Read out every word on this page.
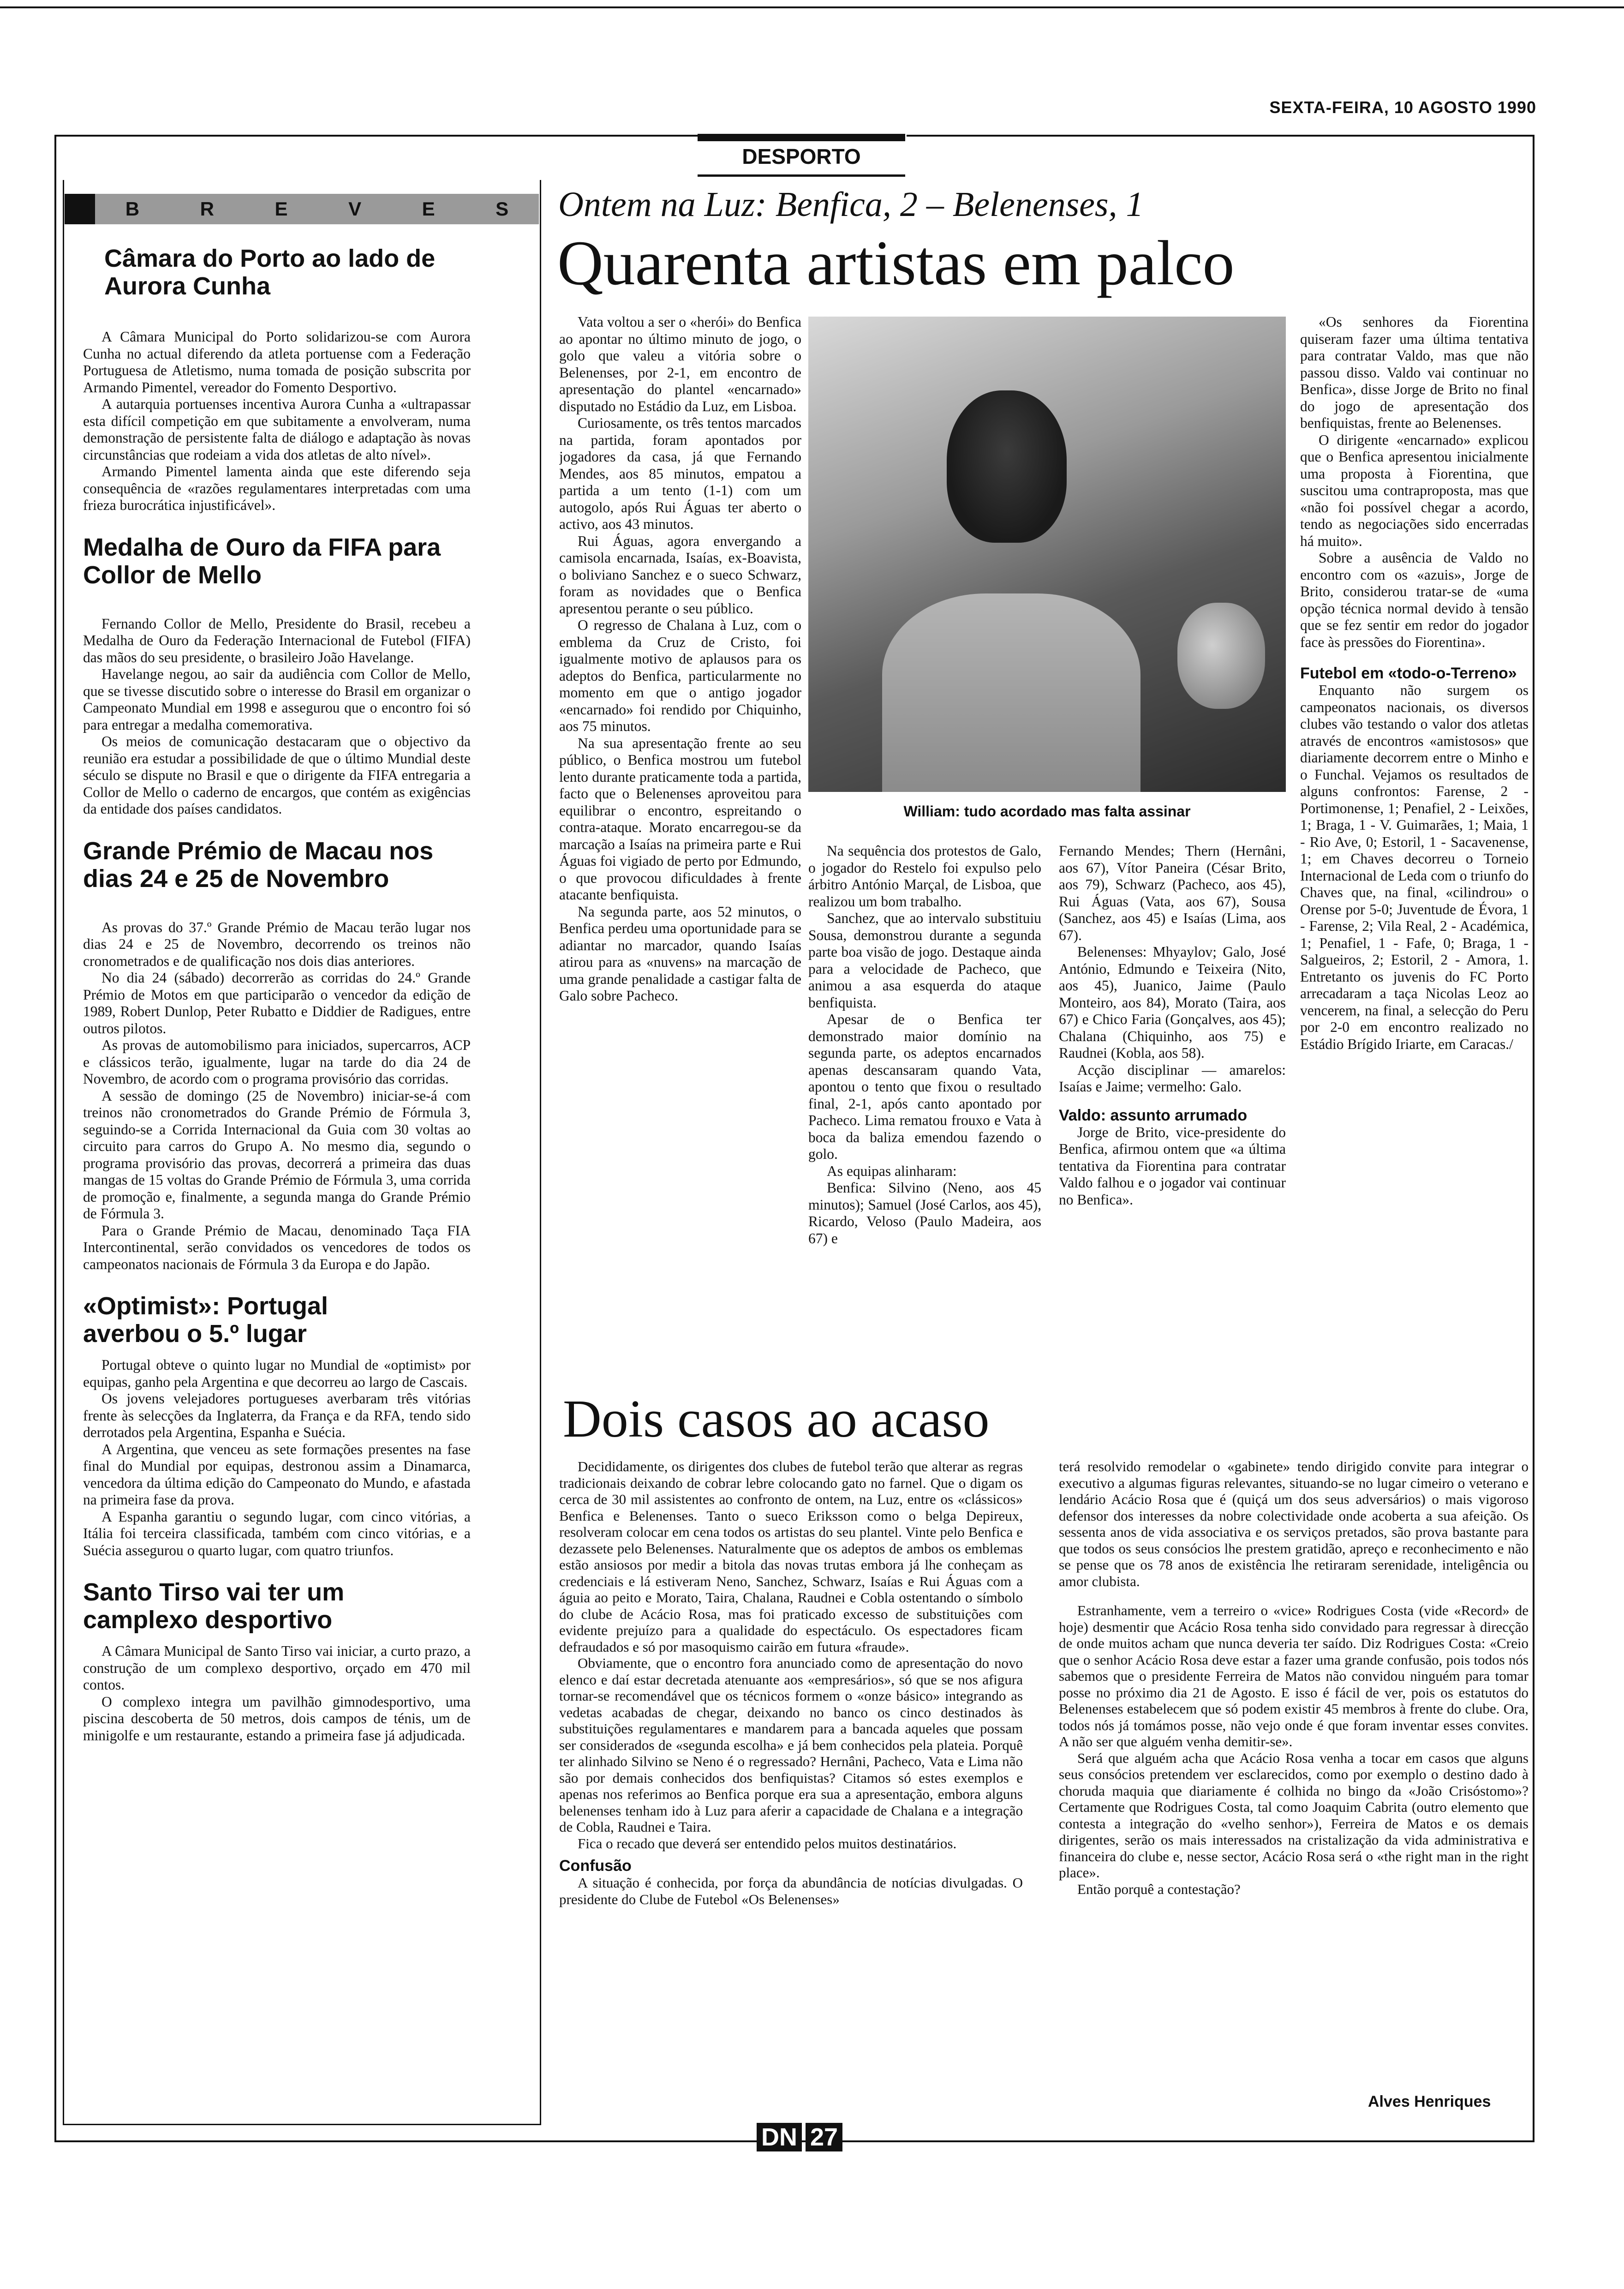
SEXTA-FEIRA, 10 AGOSTO 1990
DESPORTO
B	R	E	V	E	S
Câmara do Porto ao lado de Aurora Cunha

A Câmara Municipal do Porto solidarizou-se com Aurora Cunha no actual diferendo da atleta portuense com a Federação Portuguesa de Atletismo, numa tomada de posição subscrita por Armando Pimentel, vereador do Fomento Desportivo.

A autarquia portuenses incentiva Aurora Cunha a «ultrapassar esta difícil competição em que subitamente a envolveram, numa demonstração de persistente falta de diálogo e adaptação às novas circunstâncias que rodeiam a vida dos atletas de alto nível».

Armando Pimentel lamenta ainda que este diferendo seja consequência de «razões regulamentares interpretadas com uma frieza burocrática injustificável».

Medalha de Ouro da FIFA para Collor de Mello

Fernando Collor de Mello, Presidente do Brasil, recebeu a Medalha de Ouro da Federação Internacional de Futebol (FIFA) das mãos do seu presidente, o brasileiro João Havelange.

Havelange negou, ao sair da audiência com Collor de Mello, que se tivesse discutido sobre o interesse do Brasil em organizar o Campeonato Mundial em 1998 e assegurou que o encontro foi só para entregar a medalha comemorativa.

Os meios de comunicação destacaram que o objectivo da reunião era estudar a possibilidade de que o último Mundial deste século se dispute no Brasil e que o dirigente da FIFA entregaria a Collor de Mello o caderno de encargos, que contém as exigências da entidade dos países candidatos.

Grande Prémio de Macau nos dias 24 e 25 de Novembro

As provas do 37.º Grande Prémio de Macau terão lugar nos dias 24 e 25 de Novembro, decorrendo os treinos não cronometrados e de qualificação nos dois dias anteriores.

No dia 24 (sábado) decorrerão as corridas do 24.º Grande Prémio de Motos em que participarão o vencedor da edição de 1989, Robert Dunlop, Peter Rubatto e Diddier de Radigues, entre outros pilotos.

As provas de automobilismo para iniciados, supercarros, ACP e clássicos terão, igualmente, lugar na tarde do dia 24 de Novembro, de acordo com o programa provisório das corridas.

A sessão de domingo (25 de Novembro) iniciar-se-á com treinos não cronometrados do Grande Prémio de Fórmula 3, seguindo-se a Corrida Internacional da Guia com 30 voltas ao circuito para carros do Grupo A. No mesmo dia, segundo o programa provisório das provas, decorrerá a primeira das duas mangas de 15 voltas do Grande Prémio de Fórmula 3, uma corrida de promoção e, finalmente, a segunda manga do Grande Prémio de Fórmula 3.

Para o Grande Prémio de Macau, denominado Taça FIA Intercontinental, serão convidados os vencedores de todos os campeonatos nacionais de Fórmula 3 da Europa e do Japão.

«Optimist»: Portugal averbou o 5.º lugar

Portugal obteve o quinto lugar no Mundial de «optimist» por equipas, ganho pela Argentina e que decorreu ao largo de Cascais.

Os jovens velejadores portugueses averbaram três vitórias frente às selecções da Inglaterra, da França e da RFA, tendo sido derrotados pela Argentina, Espanha e Suécia.

A Argentina, que venceu as sete formações presentes na fase final do Mundial por equipas, destronou assim a Dinamarca, vencedora da última edição do Campeonato do Mundo, e afastada na primeira fase da prova.

A Espanha garantiu o segundo lugar, com cinco vitórias, a Itália foi terceira classificada, também com cinco vitórias, e a Suécia assegurou o quarto lugar, com quatro triunfos.

Santo Tirso vai ter um camplexo desportivo

A Câmara Municipal de Santo Tirso vai iniciar, a curto prazo, a construção de um complexo desportivo, orçado em 470 mil contos.

O complexo integra um pavilhão gimnodesportivo, uma piscina descoberta de 50 metros, dois campos de ténis, um de minigolfe e um restaurante, estando a primeira fase já adjudicada.

Ontem na Luz: Benfica, 2 – Belenenses, 1
Quarenta artistas em palco

Vata voltou a ser o «herói» do Benfica ao apontar no último minuto de jogo, o golo que valeu a vitória sobre o Belenenses, por 2-1, em encontro de apresentação do plantel «encarnado» disputado no Estádio da Luz, em Lisboa.

Curiosamente, os três tentos marcados na partida, foram apontados por jogadores da casa, já que Fernando Mendes, aos 85 minutos, empatou a partida a um tento (1-1) com um autogolo, após Rui Águas ter aberto o activo, aos 43 minutos.

Rui Águas, agora envergando a camisola encarnada, Isaías, ex-Boavista, o boliviano Sanchez e o sueco Schwarz, foram as novidades que o Benfica apresentou perante o seu público.

O regresso de Chalana à Luz, com o emblema da Cruz de Cristo, foi igualmente motivo de aplausos para os adeptos do Benfica, particularmente no momento em que o antigo jogador «encarnado» foi rendido por Chiquinho, aos 75 minutos.

Na sua apresentação frente ao seu público, o Benfica mostrou um futebol lento durante praticamente toda a partida, facto que o Belenenses aproveitou para equilibrar o encontro, espreitando o contra-ataque. Morato encarregou-se da marcação a Isaías na primeira parte e Rui Águas foi vigiado de perto por Edmundo, o que provocou dificuldades à frente atacante benfiquista.

Na segunda parte, aos 52 minutos, o Benfica perdeu uma oportunidade para se adiantar no marcador, quando Isaías atirou para as «nuvens» na marcação de uma grande penalidade a castigar falta de Galo sobre Pacheco.

William: tudo acordado mas falta assinar

Na sequência dos protestos de Galo, o jogador do Restelo foi expulso pelo árbitro António Marçal, de Lisboa, que realizou um bom trabalho.

Sanchez, que ao intervalo substituiu Sousa, demonstrou durante a segunda parte boa visão de jogo. Destaque ainda para a velocidade de Pacheco, que animou a asa esquerda do ataque benfiquista.

Apesar de o Benfica ter demonstrado maior domínio na segunda parte, os adeptos encarnados apenas descansaram quando Vata, apontou o tento que fixou o resultado final, 2-1, após canto apontado por Pacheco. Lima rematou frouxo e Vata à boca da baliza emendou fazendo o golo.

As equipas alinharam:

Benfica: Silvino (Neno, aos 45 minutos); Samuel (José Carlos, aos 45), Ricardo, Veloso (Paulo Madeira, aos 67) e

Fernando Mendes; Thern (Hernâni, aos 67), Vítor Paneira (César Brito, aos 79), Schwarz (Pacheco, aos 45), Rui Águas (Vata, aos 67), Sousa (Sanchez, aos 45) e Isaías (Lima, aos 67).

Belenenses: Mhyaylov; Galo, José António, Edmundo e Teixeira (Nito, aos 45), Juanico, Jaime (Paulo Monteiro, aos 84), Morato (Taira, aos 67) e Chico Faria (Gonçalves, aos 45); Chalana (Chiquinho, aos 75) e Raudnei (Kobla, aos 58).

Acção disciplinar — amarelos: Isaías e Jaime; vermelho: Galo.

Valdo: assunto arrumado

Jorge de Brito, vice-presidente do Benfica, afirmou ontem que «a última tentativa da Fiorentina para contratar Valdo falhou e o jogador vai continuar no Benfica».

«Os senhores da Fiorentina quiseram fazer uma última tentativa para contratar Valdo, mas que não passou disso. Valdo vai continuar no Benfica», disse Jorge de Brito no final do jogo de apresentação dos benfiquistas, frente ao Belenenses.

O dirigente «encarnado» explicou que o Benfica apresentou inicialmente uma proposta à Fiorentina, que suscitou uma contraproposta, mas que «não foi possível chegar a acordo, tendo as negociações sido encerradas há muito».

Sobre a ausência de Valdo no encontro com os «azuis», Jorge de Brito, considerou tratar-se de «uma opção técnica normal devido à tensão que se fez sentir em redor do jogador face às pressões do Fiorentina».

Futebol em «todo-o-Terreno»

Enquanto não surgem os campeonatos nacionais, os diversos clubes vão testando o valor dos atletas através de encontros «amistosos» que diariamente decorrem entre o Minho e o Funchal. Vejamos os resultados de alguns confrontos: Farense, 2 - Portimonense, 1; Penafiel, 2 - Leixões, 1; Braga, 1 - V. Guimarães, 1; Maia, 1 - Rio Ave, 0; Estoril, 1 - Sacavenense, 1; em Chaves decorreu o Torneio Internacional de Leda com o triunfo do Chaves que, na final, «cilindrou» o Orense por 5-0; Juventude de Évora, 1 - Farense, 2; Vila Real, 2 - Académica, 1; Penafiel, 1 - Fafe, 0; Braga, 1 - Salgueiros, 2; Estoril, 2 - Amora, 1. Entretanto os juvenis do FC Porto arrecadaram a taça Nicolas Leoz ao vencerem, na final, a selecção do Peru por 2-0 em encontro realizado no Estádio Brígido Iriarte, em Caracas./

Dois casos ao acaso

Decididamente, os dirigentes dos clubes de futebol terão que alterar as regras tradicionais deixando de cobrar lebre colocando gato no farnel. Que o digam os cerca de 30 mil assistentes ao confronto de ontem, na Luz, entre os «clássicos» Benfica e Belenenses. Tanto o sueco Eriksson como o belga Depireux, resolveram colocar em cena todos os artistas do seu plantel. Vinte pelo Benfica e dezassete pelo Belenenses. Naturalmente que os adeptos de ambos os emblemas estão ansiosos por medir a bitola das novas trutas embora já lhe conheçam as credenciais e lá estiveram Neno, Sanchez, Schwarz, Isaías e Rui Águas com a águia ao peito e Morato, Taira, Chalana, Raudnei e Cobla ostentando o símbolo do clube de Acácio Rosa, mas foi praticado excesso de substituições com evidente prejuízo para a qualidade do espectáculo. Os espectadores ficam defraudados e só por masoquismo cairão em futura «fraude».

Obviamente, que o encontro fora anunciado como de apresentação do novo elenco e daí estar decretada atenuante aos «empresários», só que se nos afigura tornar-se recomendável que os técnicos formem o «onze básico» integrando as vedetas acabadas de chegar, deixando no banco os cinco destinados às substituições regulamentares e mandarem para a bancada aqueles que possam ser considerados de «segunda escolha» e já bem conhecidos pela plateia. Porquê ter alinhado Silvino se Neno é o regressado? Hernâni, Pacheco, Vata e Lima não são por demais conhecidos dos benfiquistas? Citamos só estes exemplos e apenas nos referimos ao Benfica porque era sua a apresentação, embora alguns belenenses tenham ido à Luz para aferir a capacidade de Chalana e a integração de Cobla, Raudnei e Taira.

Fica o recado que deverá ser entendido pelos muitos destinatários.

Confusão

A situação é conhecida, por força da abundância de notícias divulgadas. O presidente do Clube de Futebol «Os Belenenses»

terá resolvido remodelar o «gabinete» tendo dirigido convite para integrar o executivo a algumas figuras relevantes, situando-se no lugar cimeiro o veterano e lendário Acácio Rosa que é (quiçá um dos seus adversários) o mais vigoroso defensor dos interesses da nobre colectividade onde acoberta a sua afeição. Os sessenta anos de vida associativa e os serviços pretados, são prova bastante para que todos os seus consócios lhe prestem gratidão, apreço e reconhecimento e não se pense que os 78 anos de existência lhe retiraram serenidade, inteligência ou amor clubista.

Estranhamente, vem a terreiro o «vice» Rodrigues Costa (vide «Record» de hoje) desmentir que Acácio Rosa tenha sido convidado para regressar à direcção de onde muitos acham que nunca deveria ter saído. Diz Rodrigues Costa: «Creio que o senhor Acácio Rosa deve estar a fazer uma grande confusão, pois todos nós sabemos que o presidente Ferreira de Matos não convidou ninguém para tomar posse no próximo dia 21 de Agosto. E isso é fácil de ver, pois os estatutos do Belenenses estabelecem que só podem existir 45 membros à frente do clube. Ora, todos nós já tomámos posse, não vejo onde é que foram inventar esses convites. A não ser que alguém venha demitir-se».

Será que alguém acha que Acácio Rosa venha a tocar em casos que alguns seus consócios pretendem ver esclarecidos, como por exemplo o destino dado à choruda maquia que diariamente é colhida no bingo da «João Crisóstomo»? Certamente que Rodrigues Costa, tal como Joaquim Cabrita (outro elemento que contesta a integração do «velho senhor»), Ferreira de Matos e os demais dirigentes, serão os mais interessados na cristalização da vida administrativa e financeira do clube e, nesse sector, Acácio Rosa será o «the right man in the right place».

Então porquê a contestação?

Alves Henriques
DN 27
